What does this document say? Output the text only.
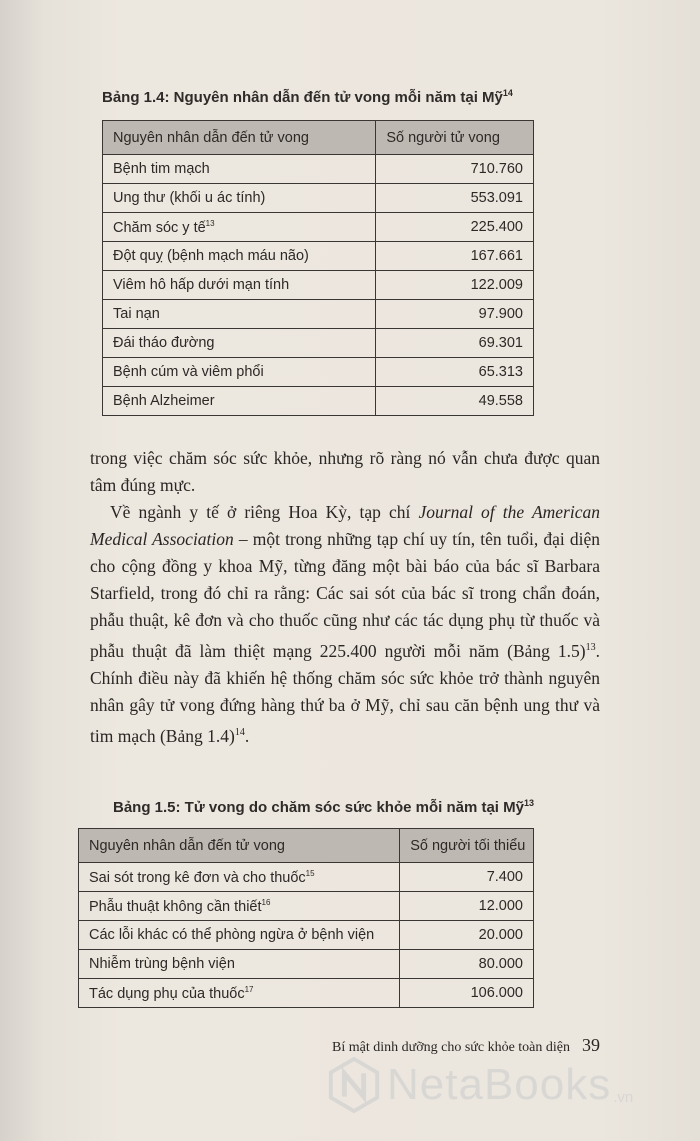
Bảng 1.4: Nguyên nhân dẫn đến tử vong mỗi năm tại Mỹ$^{14}$
Nguyên nhân dẫn đến tử vong	Số người tử vong
Bệnh tim mạch	710.760
Ung thư (khối u ác tính)	553.091
Chăm sóc y tế$^{13}$	225.400
Đột quỵ (bệnh mạch máu não)	167.661
Viêm hô hấp dưới mạn tính	122.009
Tai nạn	97.900
Đái tháo đường	69.301
Bệnh cúm và viêm phổi	65.313
Bệnh Alzheimer	49.558

trong việc chăm sóc sức khỏe, nhưng rõ ràng nó vẫn chưa được quan tâm đúng mực.

Về ngành y tế ở riêng Hoa Kỳ, tạp chí Journal of the American Medical Association – một trong những tạp chí uy tín, tên tuổi, đại diện cho cộng đồng y khoa Mỹ, từng đăng một bài báo của bác sĩ Barbara Starfield, trong đó chỉ ra rằng: Các sai sót của bác sĩ trong chẩn đoán, phẫu thuật, kê đơn và cho thuốc cũng như các tác dụng phụ từ thuốc và phẫu thuật đã làm thiệt mạng 225.400 người mỗi năm (Bảng 1.5)$^{13}$. Chính điều này đã khiến hệ thống chăm sóc sức khỏe trở thành nguyên nhân gây tử vong đứng hàng thứ ba ở Mỹ, chỉ sau căn bệnh ung thư và tim mạch (Bảng 1.4)$^{14}$.

Bảng 1.5: Tử vong do chăm sóc sức khỏe mỗi năm tại Mỹ$^{13}$
Nguyên nhân dẫn đến tử vong	Số người tối thiểu
Sai sót trong kê đơn và cho thuốc$^{15}$	7.400
Phẫu thuật không cần thiết$^{16}$	12.000
Các lỗi khác có thể phòng ngừa ở bệnh viện	20.000
Nhiễm trùng bệnh viện	80.000
Tác dụng phụ của thuốc$^{17}$	106.000
Bí mật dinh dưỡng cho sức khỏe toàn diện 39
NetaBooks .vn
